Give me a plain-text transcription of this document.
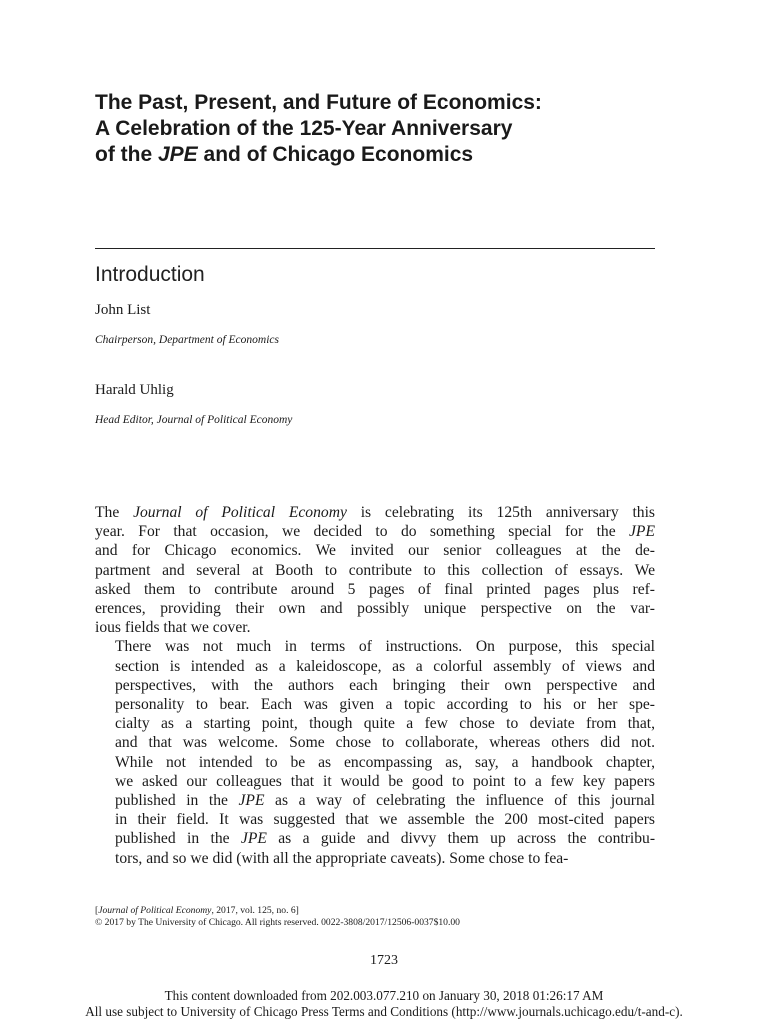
The Past, Present, and Future of Economics:
A Celebration of the 125-Year Anniversary
of the JPE and of Chicago Economics
Introduction
John List
Chairperson, Department of Economics
Harald Uhlig
Head Editor, Journal of Political Economy

The Journal of Political Economy is celebrating its 125th anniversary this
year. For that occasion, we decided to do something special for the JPE
and for Chicago economics. We invited our senior colleagues at the de-
partment and several at Booth to contribute to this collection of essays. We
asked them to contribute around 5 pages of final printed pages plus ref-
erences, providing their own and possibly unique perspective on the var-
ious fields that we cover.

There was not much in terms of instructions. On purpose, this special
section is intended as a kaleidoscope, as a colorful assembly of views and
perspectives, with the authors each bringing their own perspective and
personality to bear. Each was given a topic according to his or her spe-
cialty as a starting point, though quite a few chose to deviate from that,
and that was welcome. Some chose to collaborate, whereas others did not.
While not intended to be as encompassing as, say, a handbook chapter,
we asked our colleagues that it would be good to point to a few key papers
published in the JPE as a way of celebrating the influence of this journal
in their field. It was suggested that we assemble the 200 most-cited papers
published in the JPE as a guide and divvy them up across the contribu-
tors, and so we did (with all the appropriate caveats). Some chose to fea-

[Journal of Political Economy, 2017, vol. 125, no. 6]
© 2017 by The University of Chicago. All rights reserved. 0022-3808/2017/12506-0037$10.00
1723
This content downloaded from 202.003.077.210 on January 30, 2018 01:26:17 AM
All use subject to University of Chicago Press Terms and Conditions (http://www.journals.uchicago.edu/t-and-c).
